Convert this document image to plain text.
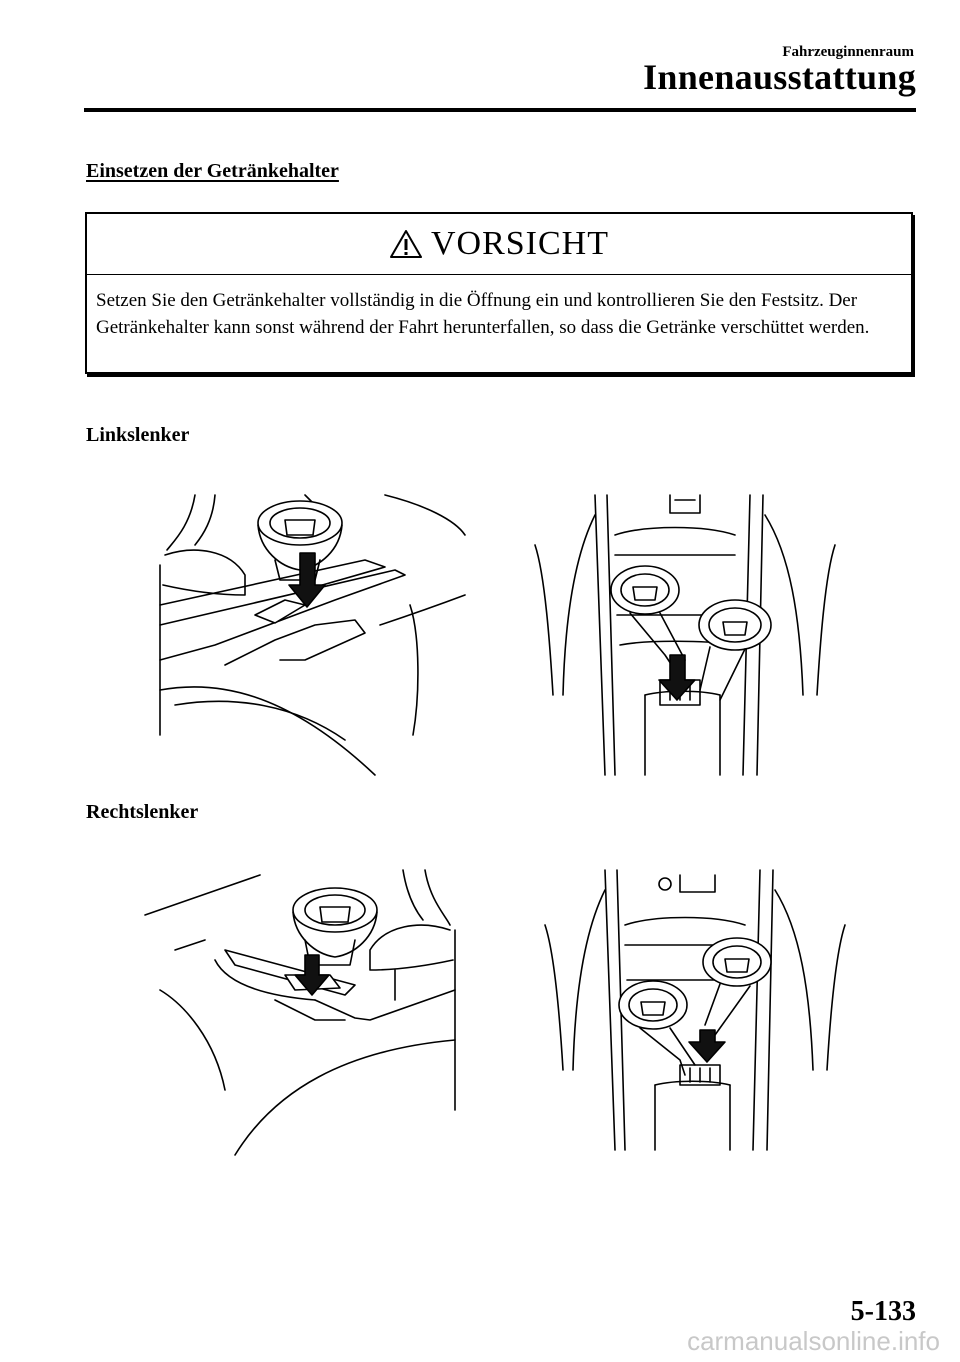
Fahrzeuginnenraum
Innenausstattung
Einsetzen der Getränkehalter
VORSICHT
Setzen Sie den Getränkehalter vollständig in die Öffnung ein und kontrollieren Sie den Festsitz. Der Getränkehalter kann sonst während der Fahrt herunterfallen, so dass die Getränke verschüttet werden.
Linkslenker
Rechtslenker
5-133
carmanualsonline.info
